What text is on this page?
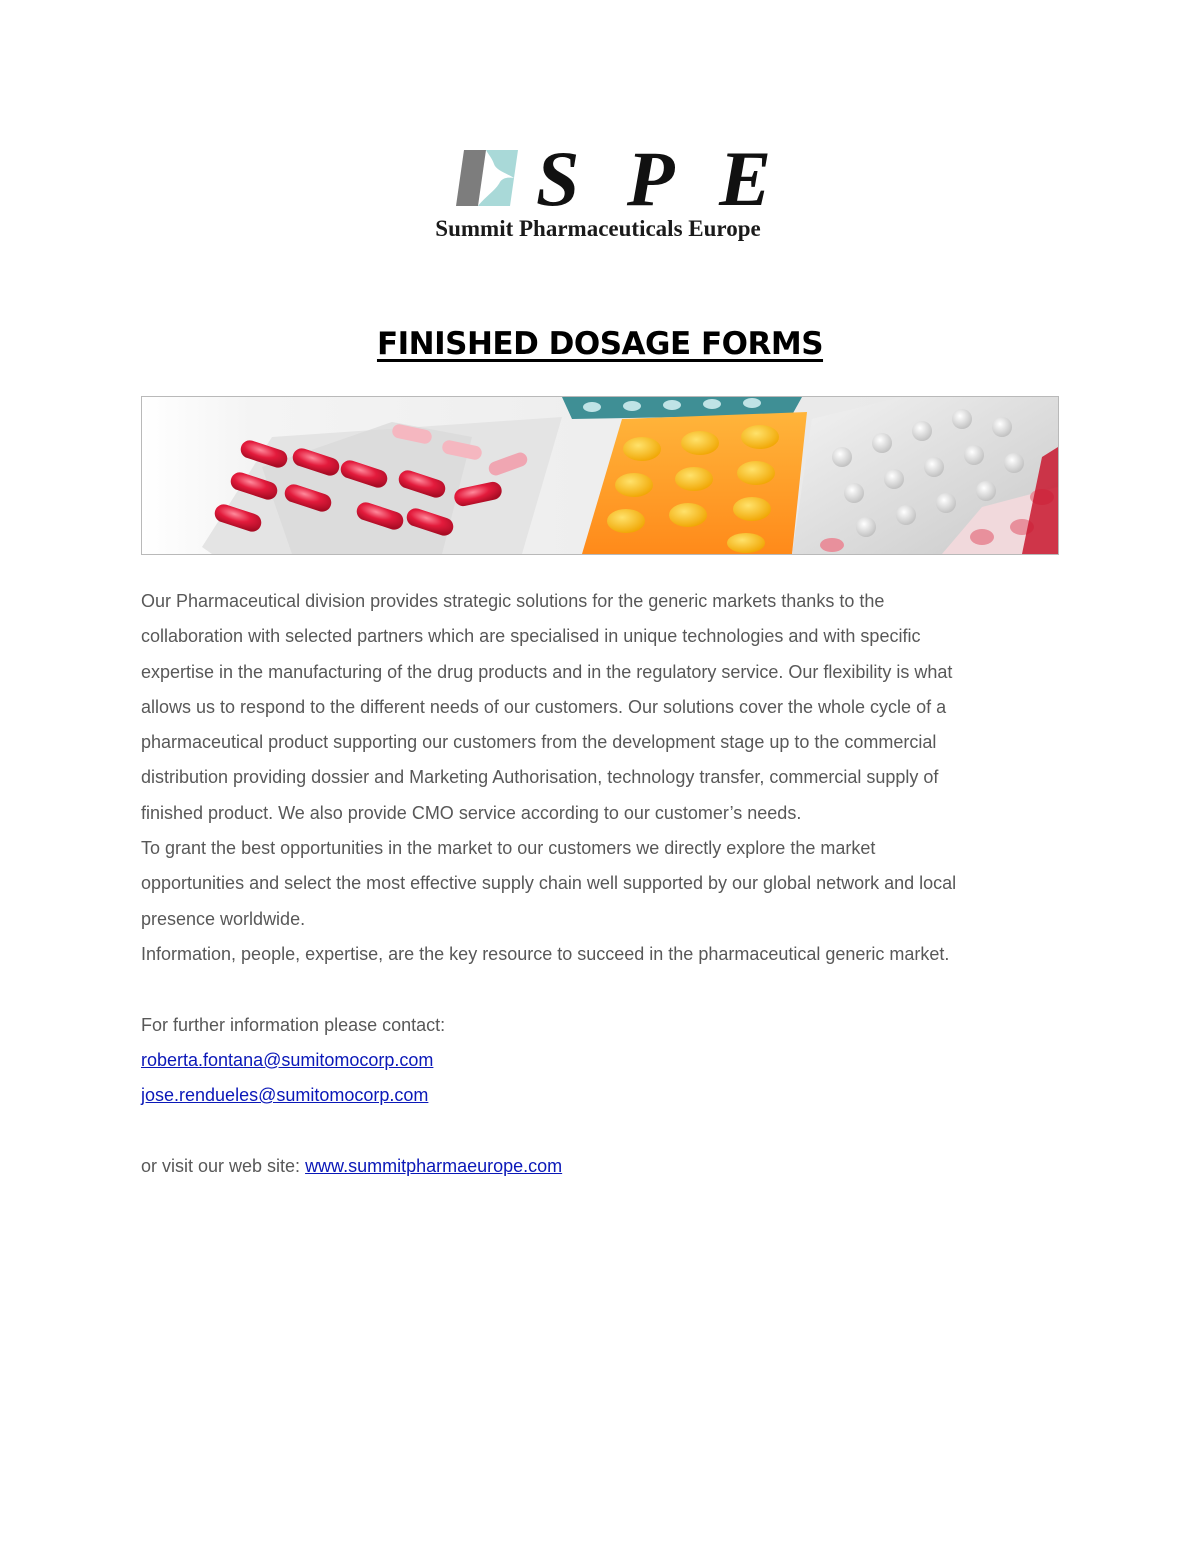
S P E
Summit Pharmaceuticals Europe
FINISHED DOSAGE FORMS

Our Pharmaceutical division provides strategic solutions for the generic markets thanks to the

collaboration with selected partners which are specialised in unique technologies and with specific

expertise in the manufacturing of the drug products and in the regulatory service. Our flexibility is what

allows us to respond to the different needs of our customers. Our solutions cover the whole cycle of a

pharmaceutical product supporting our customers from the development stage up to the commercial

distribution providing dossier and Marketing Authorisation, technology transfer, commercial supply of

finished product. We also provide CMO service according to our customer’s needs.

To grant the best opportunities in the market to our customers we directly explore the market

opportunities and select the most effective supply chain well supported by our global network and local

presence worldwide.

Information, people, expertise, are the key resource to succeed in the pharmaceutical generic market.

For further information please contact:

roberta.fontana@sumitomocorp.com

jose.rendueles@sumitomocorp.com

or visit our web site: www.summitpharmaeurope.com
